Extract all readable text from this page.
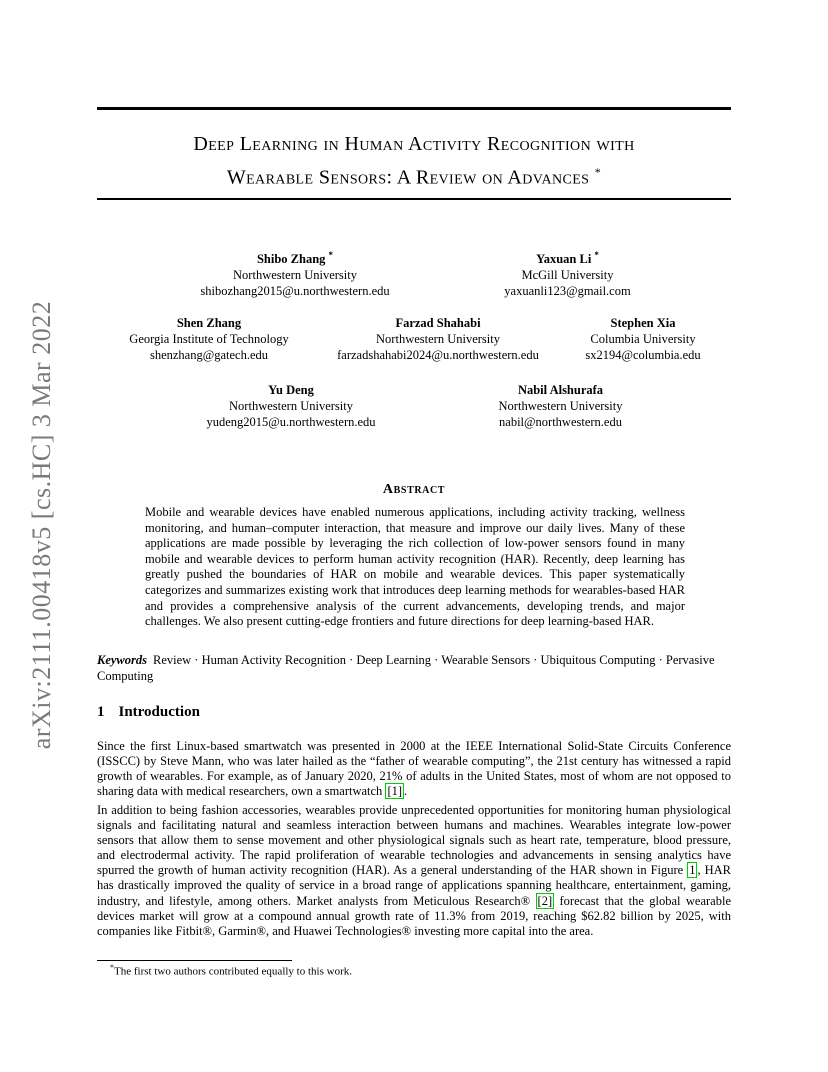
arXiv:2111.00418v5 [cs.HC] 3 Mar 2022
Deep Learning in Human Activity Recognition with
Wearable Sensors: A Review on Advances *
Shibo Zhang *
Northwestern University
shibozhang2015@u.northwestern.edu
Yaxuan Li *
McGill University
yaxuanli123@gmail.com
Shen Zhang
Georgia Institute of Technology
shenzhang@gatech.edu
Farzad Shahabi
Northwestern University
farzadshahabi2024@u.northwestern.edu
Stephen Xia
Columbia University
sx2194@columbia.edu
Yu Deng
Northwestern University
yudeng2015@u.northwestern.edu
Nabil Alshurafa
Northwestern University
nabil@northwestern.edu
Abstract
Mobile and wearable devices have enabled numerous applications, including activity tracking, wellness monitoring, and human–computer interaction, that measure and improve our daily lives. Many of these applications are made possible by leveraging the rich collection of low-power sensors found in many mobile and wearable devices to perform human activity recognition (HAR). Recently, deep learning has greatly pushed the boundaries of HAR on mobile and wearable devices. This paper systematically categorizes and summarizes existing work that introduces deep learning methods for wearables-based HAR and provides a comprehensive analysis of the current advancements, developing trends, and major challenges. We also present cutting-edge frontiers and future directions for deep learning-based HAR.
Keywords Review · Human Activity Recognition · Deep Learning · Wearable Sensors · Ubiquitous Computing · Pervasive Computing
1 Introduction

Since the first Linux-based smartwatch was presented in 2000 at the IEEE International Solid-State Circuits Conference (ISSCC) by Steve Mann, who was later hailed as the “father of wearable computing”, the 21st century has witnessed a rapid growth of wearables. For example, as of January 2020, 21% of adults in the United States, most of whom are not opposed to sharing data with medical researchers, own a smartwatch [1] .

In addition to being fashion accessories, wearables provide unprecedented opportunities for monitoring human physiological signals and facilitating natural and seamless interaction between humans and machines. Wearables integrate low-power sensors that allow them to sense movement and other physiological signals such as heart rate, temperature, blood pressure, and electrodermal activity. The rapid proliferation of wearable technologies and advancements in sensing analytics have spurred the growth of human activity recognition (HAR). As a general understanding of the HAR shown in Figure 1 , HAR has drastically improved the quality of service in a broad range of applications spanning healthcare, entertainment, gaming, industry, and lifestyle, among others. Market analysts from Meticulous Research® [2] forecast that the global wearable devices market will grow at a compound annual growth rate of 11.3% from 2019, reaching $62.82 billion by 2025, with companies like Fitbit®, Garmin®, and Huawei Technologies® investing more capital into the area.

*The first two authors contributed equally to this work.
